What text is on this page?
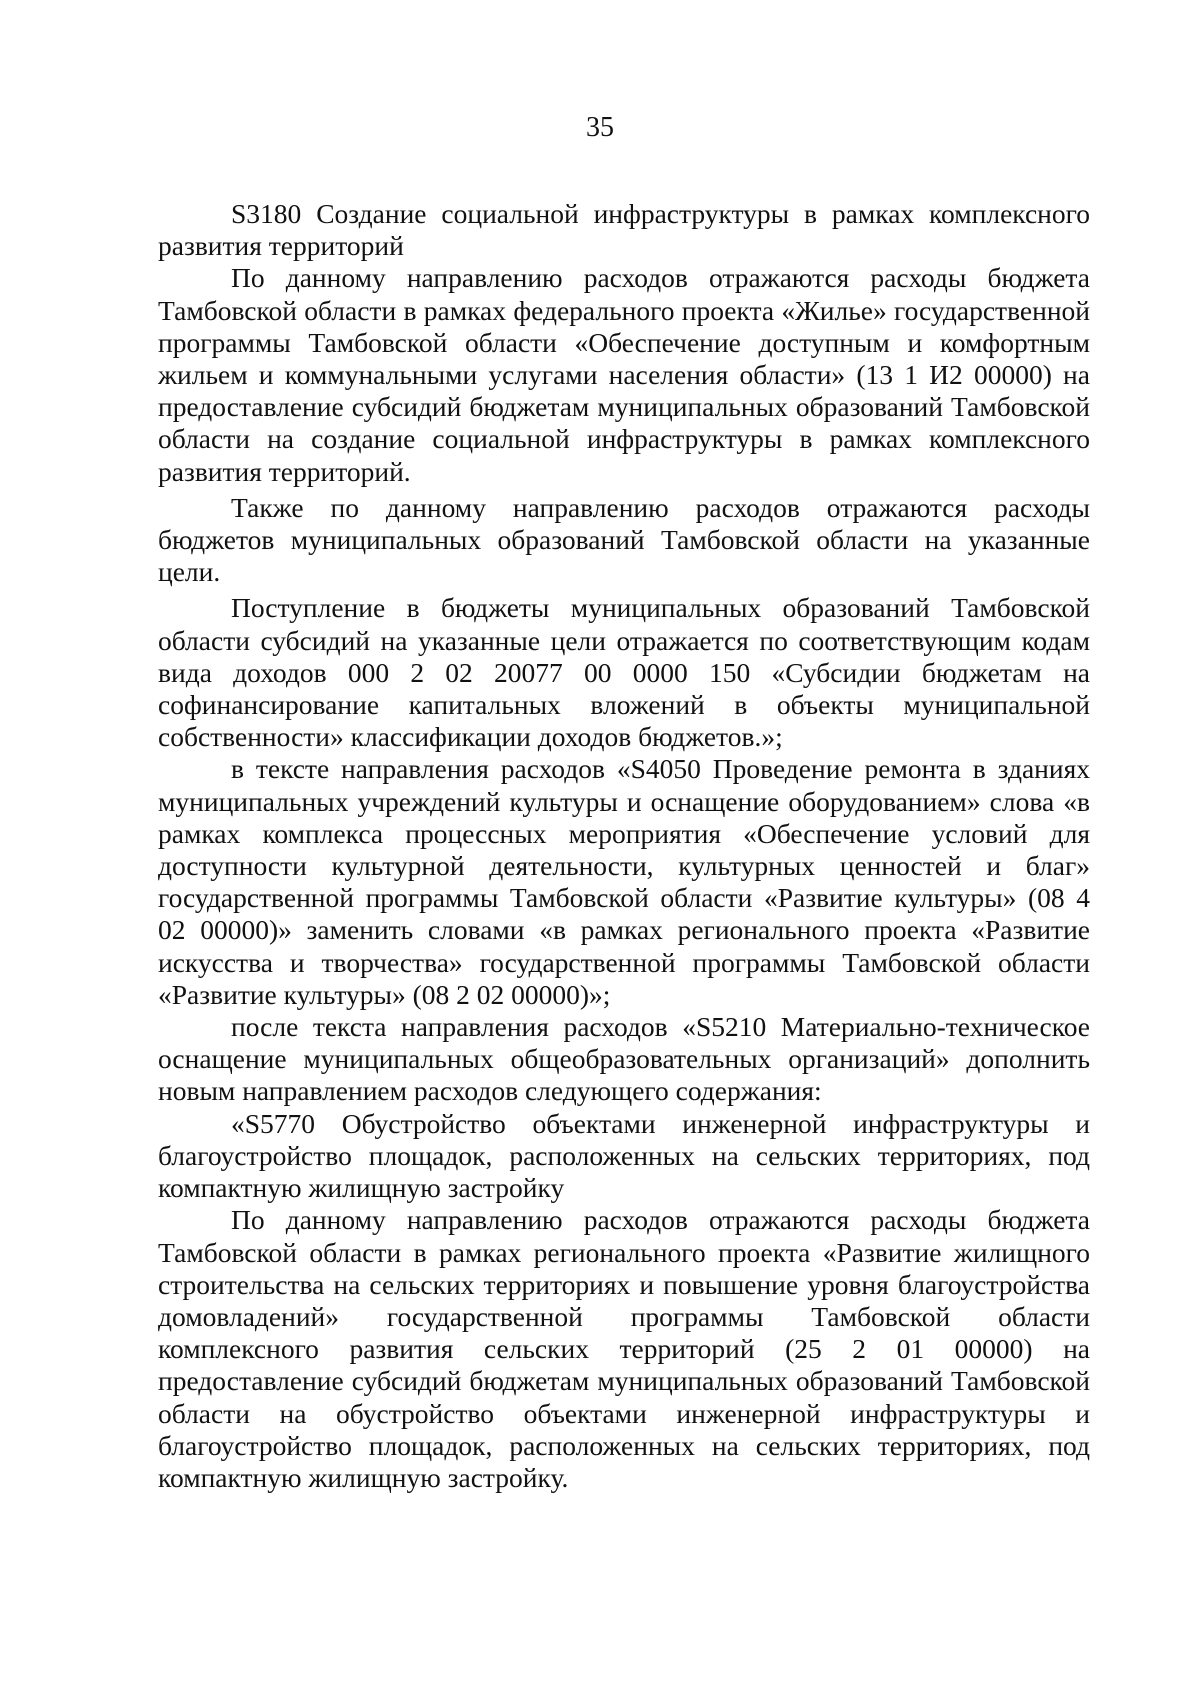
35

S3180 Создание социальной инфраструктуры в рамках комплексного развития территорий

По данному направлению расходов отражаются расходы бюджета Тамбовской области в рамках федерального проекта «Жилье» государственной программы Тамбовской области «Обеспечение доступным и комфортным жильем и коммунальными услугами населения области» (13 1 И2 00000) на предоставление субсидий бюджетам муниципальных образований Тамбовской области на создание социальной инфраструктуры в рамках комплексного развития территорий.

Также по данному направлению расходов отражаются расходы бюджетов муниципальных образований Тамбовской области на указанные цели.

Поступление в бюджеты муниципальных образований Тамбовской области субсидий на указанные цели отражается по соответствующим кодам вида доходов 000 2 02 20077 00 0000 150 «Субсидии бюджетам на софинансирование капитальных вложений в объекты муниципальной собственности» классификации доходов бюджетов.»;

в тексте направления расходов «S4050 Проведение ремонта в зданиях муниципальных учреждений культуры и оснащение оборудованием» слова «в рамках комплекса процессных мероприятия «Обеспечение условий для доступности культурной деятельности, культурных ценностей и благ» государственной программы Тамбовской области «Развитие культуры» (08 4 02 00000)» заменить словами «в рамках регионального проекта «Развитие искусства и творчества» государственной программы Тамбовской области «Развитие культуры» (08 2 02 00000)»;

после текста направления расходов «S5210 Материально-техническое оснащение муниципальных общеобразовательных организаций» дополнить новым направлением расходов следующего содержания:

«S5770 Обустройство объектами инженерной инфраструктуры и благоустройство площадок, расположенных на сельских территориях, под компактную жилищную застройку

По данному направлению расходов отражаются расходы бюджета Тамбовской области в рамках регионального проекта «Развитие жилищного строительства на сельских территориях и повышение уровня благоустройства домовладений» государственной программы Тамбовской области комплексного развития сельских территорий (25 2 01 00000) на предоставление субсидий бюджетам муниципальных образований Тамбовской области на обустройство объектами инженерной инфраструктуры и благоустройство площадок, расположенных на сельских территориях, под компактную жилищную застройку.
